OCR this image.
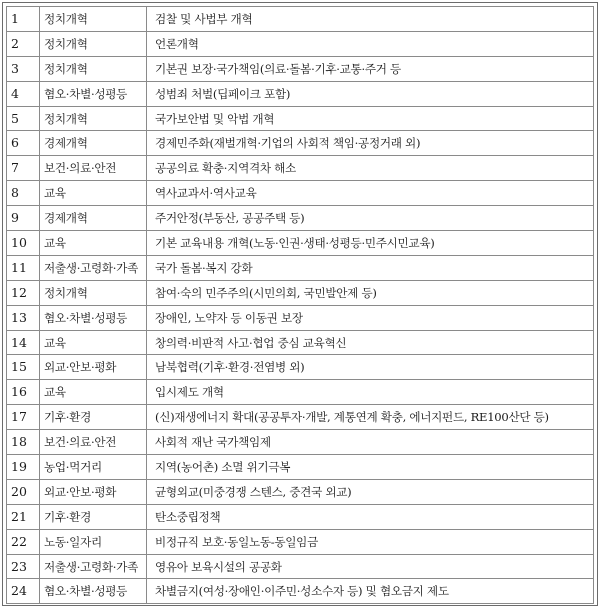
1	정치개혁	검찰 및 사법부 개혁
2	정치개혁	언론개혁
3	정치개혁	기본권 보장·국가책임(의료·돌봄·기후·교통·주거 등
4	혐오·차별·성평등	성범죄 처벌(딥페이크 포함)
5	정치개혁	국가보안법 및 악법 개혁
6	경제개혁	경제민주화(재벌개혁·기업의 사회적 책임·공정거래 외)
7	보건·의료·안전	공공의료 확충·지역격차 해소
8	교육	역사교과서·역사교육
9	경제개혁	주거안정(부동산, 공공주택 등)
10	교육	기본 교육내용 개혁(노동·인권·생태·성평등·민주시민교육)
11	저출생·고령화·가족	국가 돌봄·복지 강화
12	정치개혁	참여·숙의 민주주의(시민의회, 국민발안제 등)
13	혐오·차별·성평등	장애인, 노약자 등 이동권 보장
14	교육	창의력·비판적 사고·협업 중심 교육혁신
15	외교·안보·평화	남북협력(기후·환경·전염병 외)
16	교육	입시제도 개혁
17	기후·환경	(신)재생에너지 확대(공공투자·개발, 계통연계 확충, 에너지펀드, RE100산단 등)
18	보건·의료·안전	사회적 재난 국가책임제
19	농업·먹거리	지역(농어촌) 소멸 위기극복
20	외교·안보·평화	균형외교(미중경쟁 스텐스, 중견국 외교)
21	기후·환경	탄소중립정책
22	노동·일자리	비정규직 보호·동일노동-동일임금
23	저출생·고령화·가족	영유아 보육시설의 공공화
24	혐오·차별·성평등	차별금지(여성·장애인·이주민·성소수자 등) 및 혐오금지 제도
